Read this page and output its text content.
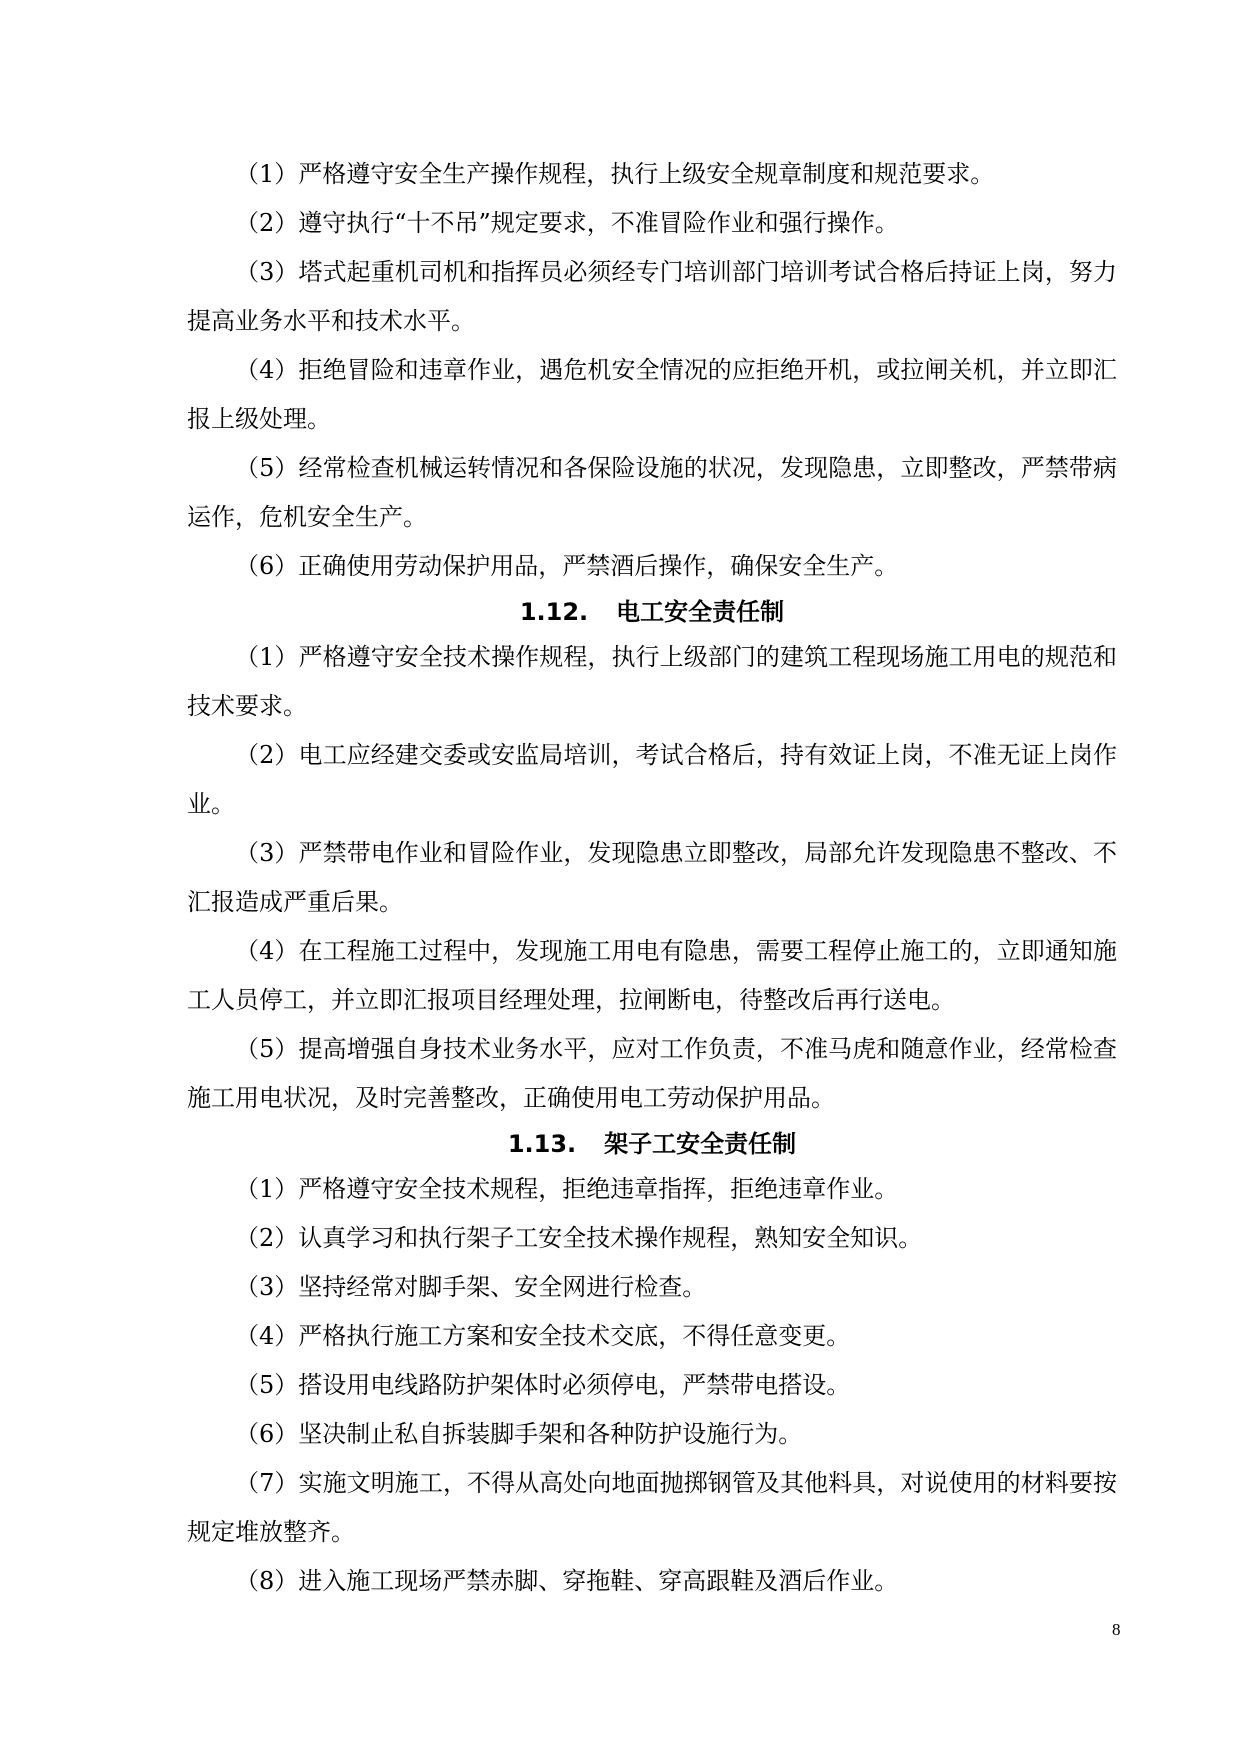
（1）严格遵守安全生产操作规程，执行上级安全规章制度和规范要求。

（2）遵守执行“十不吊”规定要求，不准冒险作业和强行操作。

（3）塔式起重机司机和指挥员必须经专门培训部门培训考试合格后持证上岗，努力提高业务水平和技术水平。

（4）拒绝冒险和违章作业，遇危机安全情况的应拒绝开机，或拉闸关机，并立即汇报上级处理。

（5）经常检查机械运转情况和各保险设施的状况，发现隐患，立即整改，严禁带病运作，危机安全生产。

（6）正确使用劳动保护用品，严禁酒后操作，确保安全生产。

1.12. 电工安全责任制

（1）严格遵守安全技术操作规程，执行上级部门的建筑工程现场施工用电的规范和技术要求。

（2）电工应经建交委或安监局培训，考试合格后，持有效证上岗，不准无证上岗作业。

（3）严禁带电作业和冒险作业，发现隐患立即整改，局部允许发现隐患不整改、不汇报造成严重后果。

（4）在工程施工过程中，发现施工用电有隐患，需要工程停止施工的，立即通知施工人员停工，并立即汇报项目经理处理，拉闸断电，待整改后再行送电。

（5）提高增强自身技术业务水平，应对工作负责，不准马虎和随意作业，经常检查施工用电状况，及时完善整改，正确使用电工劳动保护用品。

1.13. 架子工安全责任制

（1）严格遵守安全技术规程，拒绝违章指挥，拒绝违章作业。

（2）认真学习和执行架子工安全技术操作规程，熟知安全知识。

（3）坚持经常对脚手架、安全网进行检查。

（4）严格执行施工方案和安全技术交底，不得任意变更。

（5）搭设用电线路防护架体时必须停电，严禁带电搭设。

（6）坚决制止私自拆装脚手架和各种防护设施行为。

（7）实施文明施工，不得从高处向地面抛掷钢管及其他料具，对说使用的材料要按规定堆放整齐。

（8）进入施工现场严禁赤脚、穿拖鞋、穿高跟鞋及酒后作业。

8
